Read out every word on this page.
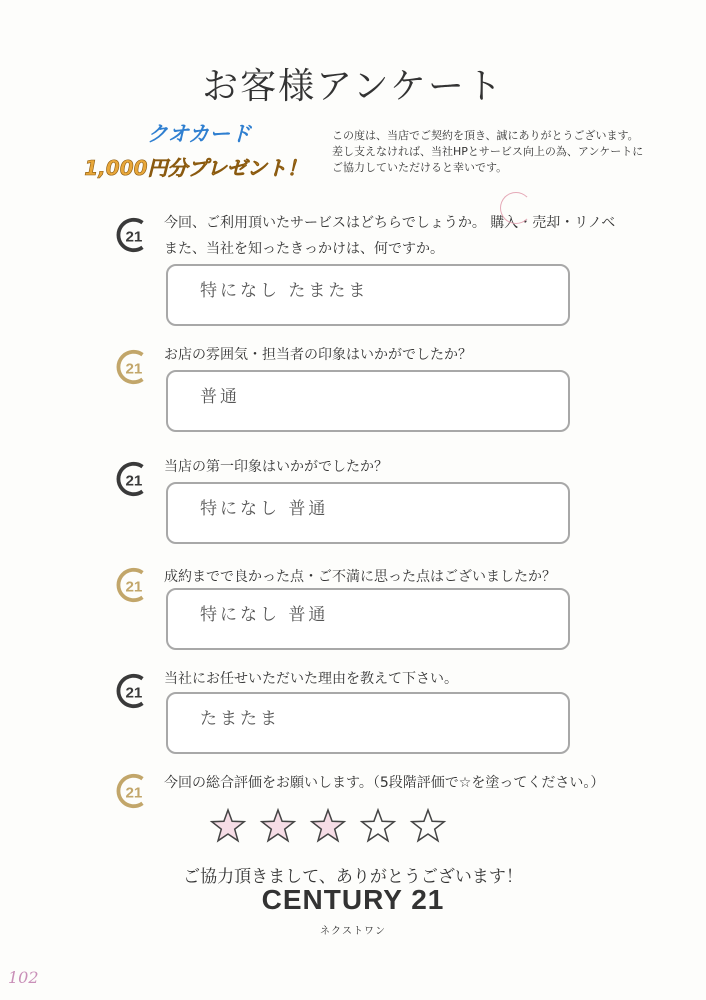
お客様アンケート
クオカード
1,000円分プレゼント！
この度は、当店でご契約を頂き、誠にありがとうございます。
差し支えなければ、当社HPとサービス向上の為、アンケートに
ご協力していただけると幸いです。
21
今回、ご利用頂いたサービスはどちらでしょうか。 購入・売却・リノベ
また、当社を知ったきっかけは、何ですか。
特になし たまたま
21
お店の雰囲気・担当者の印象はいかがでしたか？
普通
21
当店の第一印象はいかがでしたか？
特になし 普通
21
成約までで良かった点・ご不満に思った点はございましたか？
特になし 普通
21
当社にお任せいただいた理由を教えて下さい。
たまたま
21
今回の総合評価をお願いします。（5段階評価で☆を塗ってください。）
ご協力頂きまして、ありがとうございます！
CENTURY 21
ネクストワン
102
